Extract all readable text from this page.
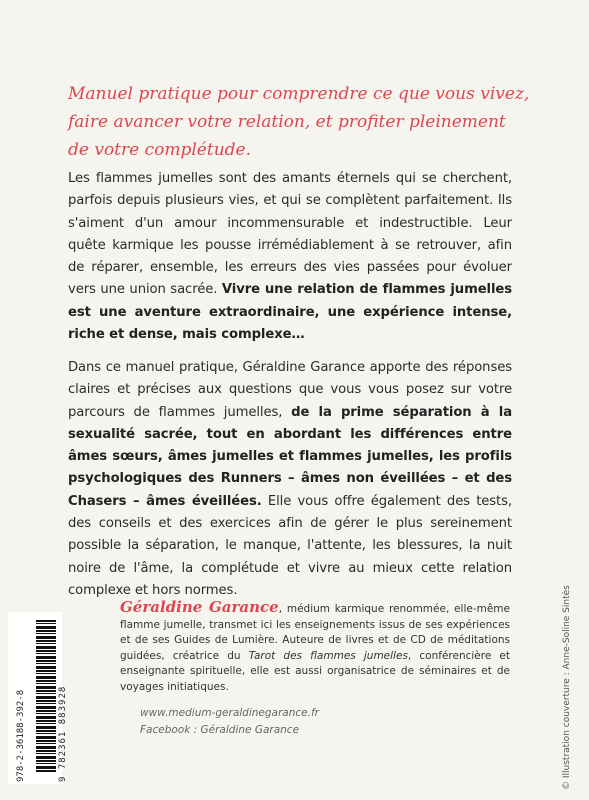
Manuel pratique pour comprendre ce que vous vivez,
faire avancer votre relation, et profiter pleinement
de votre complétude.
Les flammes jumelles sont des amants éternels qui se cherchent, parfois depuis plusieurs vies, et qui se complètent parfaitement. Ils s'aiment d'un amour incommensurable et indestructible. Leur quête karmique les pousse irrémédiablement à se retrouver, afin de réparer, ensemble, les erreurs des vies passées pour évoluer vers une union sacrée. Vivre une relation de flammes jumelles est une aventure extraordinaire, une expérience intense, riche et dense, mais complexe…
Dans ce manuel pratique, Géraldine Garance apporte des réponses claires et précises aux questions que vous vous posez sur votre parcours de flammes jumelles, de la prime séparation à la sexualité sacrée, tout en abordant les différences entre âmes sœurs, âmes jumelles et flammes jumelles, les profils psychologiques des Runners – âmes non éveillées – et des Chasers – âmes éveillées. Elle vous offre également des tests, des conseils et des exercices afin de gérer le plus sereinement possible la séparation, le manque, l'attente, les blessures, la nuit noire de l'âme, la complétude et vivre au mieux cette relation complexe et hors normes.
Géraldine Garance, médium karmique renommée, elle-même flamme jumelle, transmet ici les enseignements issus de ses expériences et de ses Guides de Lumière. Auteure de livres et de CD de méditations guidées, créatrice du Tarot des flammes jumelles, conférencière et enseignante spirituelle, elle est aussi organisatrice de séminaires et de voyages initiatiques.
www.medium-geraldinegarance.fr
Facebook : Géraldine Garance
978-2-36188-392-8	9 782361 883928	© Illustration couverture : Anne-Soline Sintès
